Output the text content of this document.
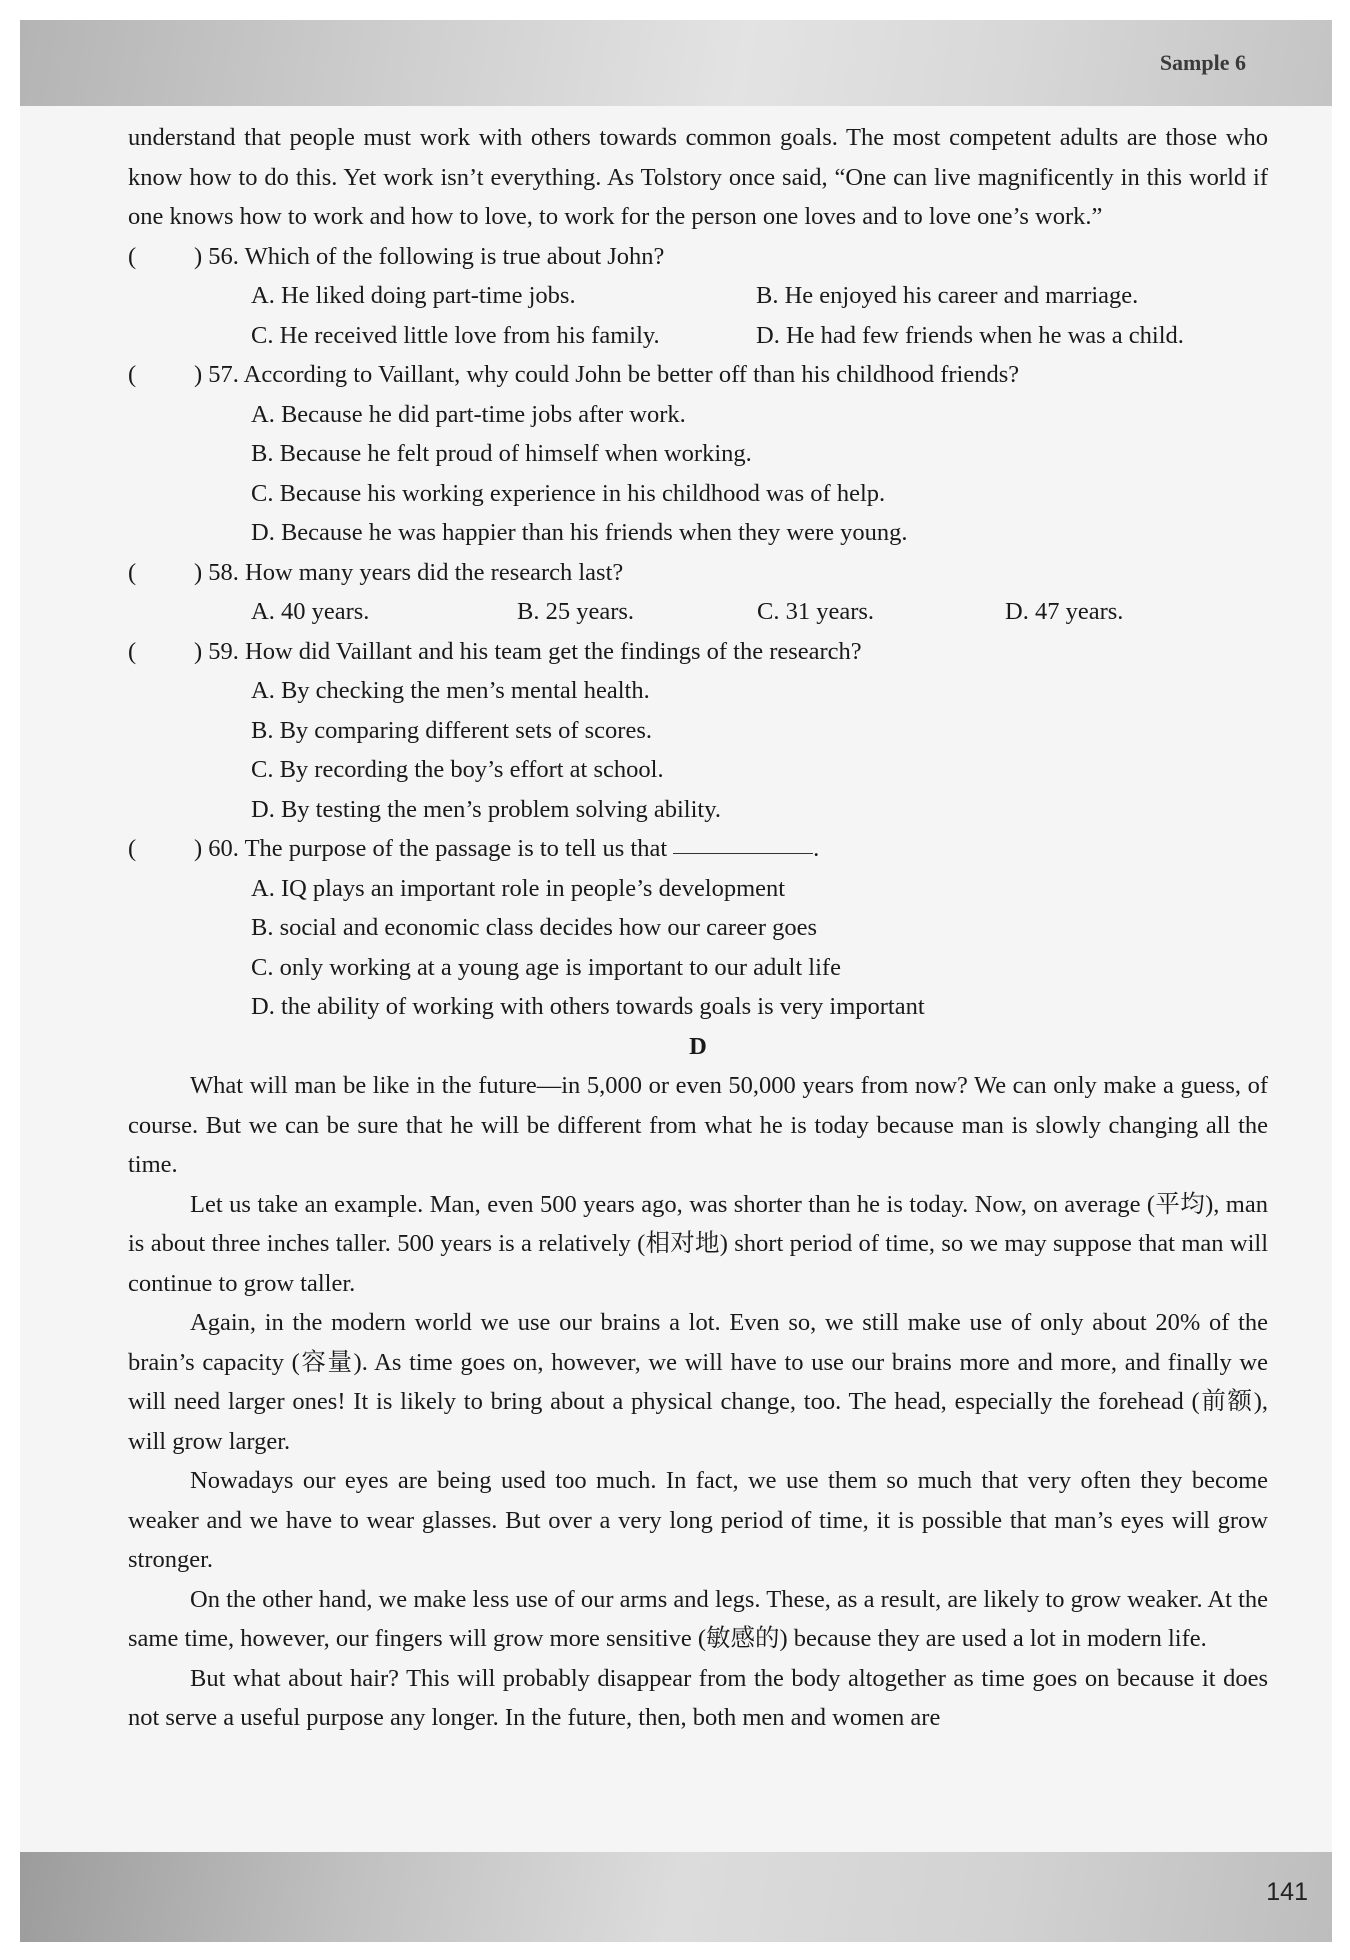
Sample 6
141

understand that people must work with others towards common goals. The most competent adults are those who know how to do this. Yet work isn’t everything. As Tolstory once said, “One can live magnificently in this world if one knows how to work and how to love, to work for the person one loves and to love one’s work.”

(	) 56. Which of the following is true about John?
A. He liked doing part-time jobs.	B. He enjoyed his career and marriage.
C. He received little love from his family.	D. He had few friends when he was a child.
(	) 57. According to Vaillant, why could John be better off than his childhood friends?
A. Because he did part-time jobs after work.
B. Because he felt proud of himself when working.
C. Because his working experience in his childhood was of help.
D. Because he was happier than his friends when they were young.
(	) 58. How many years did the research last?
A. 40 years.	B. 25 years.	C. 31 years.	D. 47 years.
(	) 59. How did Vaillant and his team get the findings of the research?
A. By checking the men’s mental health.
B. By comparing different sets of scores.
C. By recording the boy’s effort at school.
D. By testing the men’s problem solving ability.
(	) 60. The purpose of the passage is to tell us that	.
A. IQ plays an important role in people’s development
B. social and economic class decides how our career goes
C. only working at a young age is important to our adult life
D. the ability of working with others towards goals is very important
D

What will man be like in the future—in 5,000 or even 50,000 years from now? We can only make a guess, of course. But we can be sure that he will be different from what he is today because man is slowly changing all the time.

Let us take an example. Man, even 500 years ago, was shorter than he is today. Now, on average (平均), man is about three inches taller. 500 years is a relatively (相对地) short period of time, so we may suppose that man will continue to grow taller.

Again, in the modern world we use our brains a lot. Even so, we still make use of only about 20% of the brain’s capacity (容量). As time goes on, however, we will have to use our brains more and more, and finally we will need larger ones! It is likely to bring about a physical change, too. The head, especially the forehead (前额), will grow larger.

Nowadays our eyes are being used too much. In fact, we use them so much that very often they become weaker and we have to wear glasses. But over a very long period of time, it is possible that man’s eyes will grow stronger.

On the other hand, we make less use of our arms and legs. These, as a result, are likely to grow weaker. At the same time, however, our fingers will grow more sensitive (敏感的) because they are used a lot in modern life.

But what about hair? This will probably disappear from the body altogether as time goes on because it does not serve a useful purpose any longer. In the future, then, both men and women are
